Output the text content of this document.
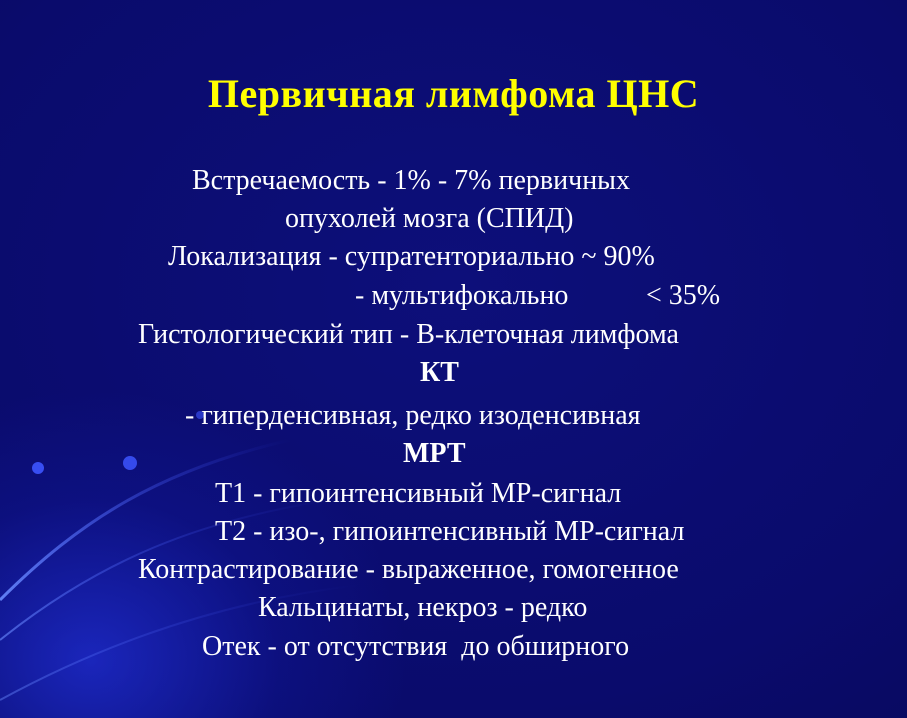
Первичная лимфома ЦНС
Встречаемость - 1% - 7% первичных
опухолей мозга (СПИД)
Локализация - супратенториально ~ 90%
- мультифокально	< 35%
Гистологический тип - В-клеточная лимфома
КТ
- гиперденсивная, редко изоденсивная
МРТ
Т1 - гипоинтенсивный МР-сигнал
Т2 - изо-, гипоинтенсивный МР-сигнал
Контрастирование - выраженное, гомогенное
Кальцинаты, некроз - редко
Отек - от отсутствия  до обширного
